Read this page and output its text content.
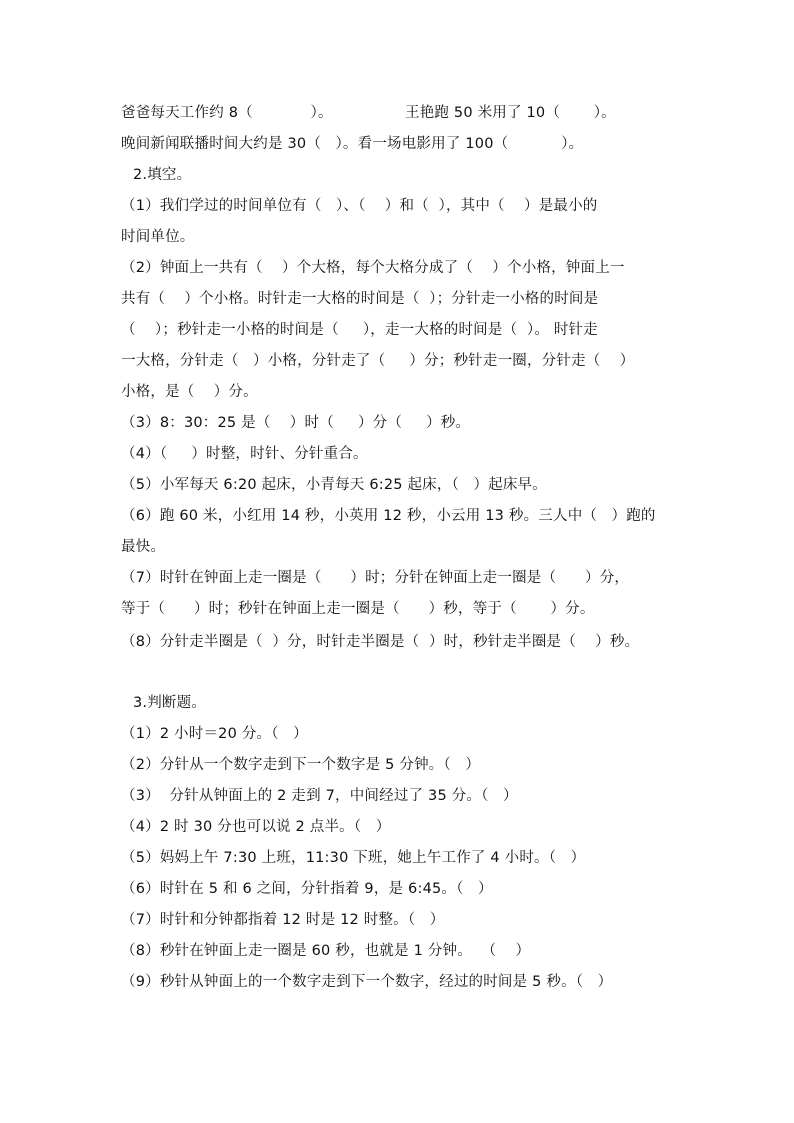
爸爸每天工作约 8（            ）。	王艳跑 50 米用了 10（       ）。
晚间新闻联播时间大约是 30（   ）。看一场电影用了 100（           ）。
2.填空。
（1）我们学过的时间单位有（   ）、（    ）和（  ），其中（    ）是最小的
时间单位。
（2）钟面上一共有（    ）个大格，每个大格分成了（    ）个小格，钟面上一
共有（    ）个小格。时针走一大格的时间是（  ）；分针走一小格的时间是
（    ）；秒针走一小格的时间是（     ），走一大格的时间是（  ）。 时针走
一大格，分针走（   ）小格，分针走了（     ）分；秒针走一圈，分针走（    ）
小格，是（    ）分。
（3）8：30：25 是（    ）时（     ）分（     ）秒。
（4）（     ）时整，时针、分针重合。
（5）小军每天 6:20 起床，小青每天 6:25 起床，（   ）起床早。
（6）跑 60 米，小红用 14 秒，小英用 12 秒，小云用 13 秒。三人中（   ）跑的
最快。
（7）时针在钟面上走一圈是（      ）时；分针在钟面上走一圈是（      ）分，
等于（      ）时；秒针在钟面上走一圈是（      ）秒，等于（       ）分。
（8）分针走半圈是（  ）分，时针走半圈是（  ）时，秒针走半圈是（    ）秒。
3.判断题。
（1）2 小时＝20 分。（   ）
（2）分针从一个数字走到下一个数字是 5 分钟。（   ）
（3）  分针从钟面上的 2 走到 7，中间经过了 35 分。（   ）
（4）2 时 30 分也可以说 2 点半。（   ）
（5）妈妈上午 7:30 上班，11:30 下班，她上午工作了 4 小时。（   ）
（6）时针在 5 和 6 之间，分针指着 9，是 6:45。（   ）
（7）时针和分钟都指着 12 时是 12 时整。（   ）
（8）秒针在钟面上走一圈是 60 秒，也就是 1 分钟。  （    ）
（9）秒针从钟面上的一个数字走到下一个数字，经过的时间是 5 秒。（   ）
